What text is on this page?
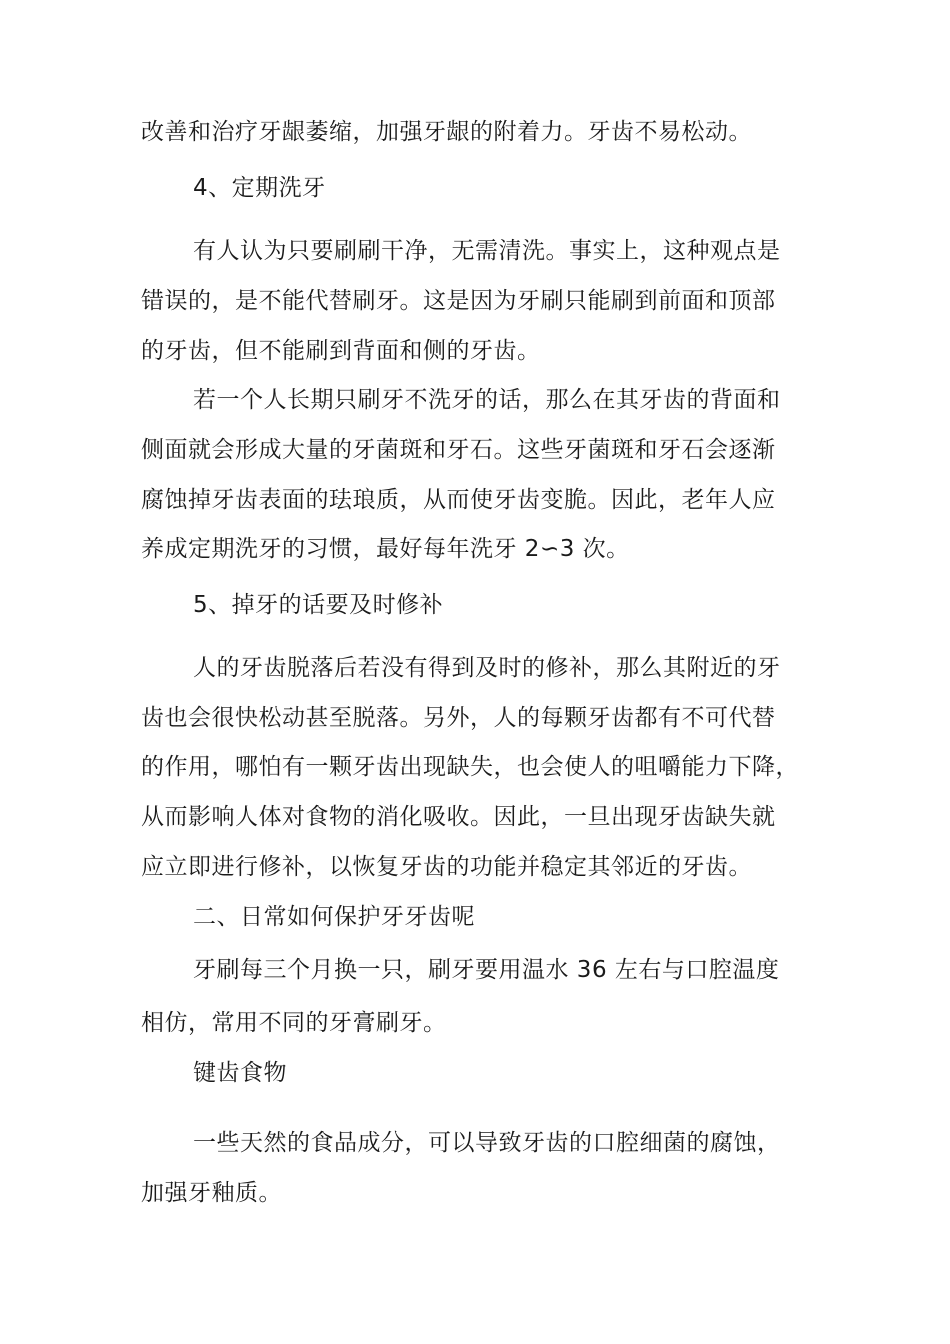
改善和治疗牙龈萎缩，加强牙龈的附着力。牙齿不易松动。
4、定期洗牙
有人认为只要刷刷干净，无需清洗。事实上，这种观点是
错误的，是不能代替刷牙。这是因为牙刷只能刷到前面和顶部
的牙齿，但不能刷到背面和侧的牙齿。
若一个人长期只刷牙不洗牙的话，那么在其牙齿的背面和
侧面就会形成大量的牙菌斑和牙石。这些牙菌斑和牙石会逐渐
腐蚀掉牙齿表面的珐琅质，从而使牙齿变脆。因此，老年人应
养成定期洗牙的习惯，最好每年洗牙 2∽3 次。
5、掉牙的话要及时修补
人的牙齿脱落后若没有得到及时的修补，那么其附近的牙
齿也会很快松动甚至脱落。另外，人的每颗牙齿都有不可代替
的作用，哪怕有一颗牙齿出现缺失，也会使人的咀嚼能力下降，
从而影响人体对食物的消化吸收。因此，一旦出现牙齿缺失就
应立即进行修补，以恢复牙齿的功能并稳定其邻近的牙齿。
二、日常如何保护牙牙齿呢
牙刷每三个月换一只，刷牙要用温水 36 左右与口腔温度
相仿，常用不同的牙膏刷牙。
键齿食物
一些天然的食品成分，可以导致牙齿的口腔细菌的腐蚀，
加强牙釉质。
